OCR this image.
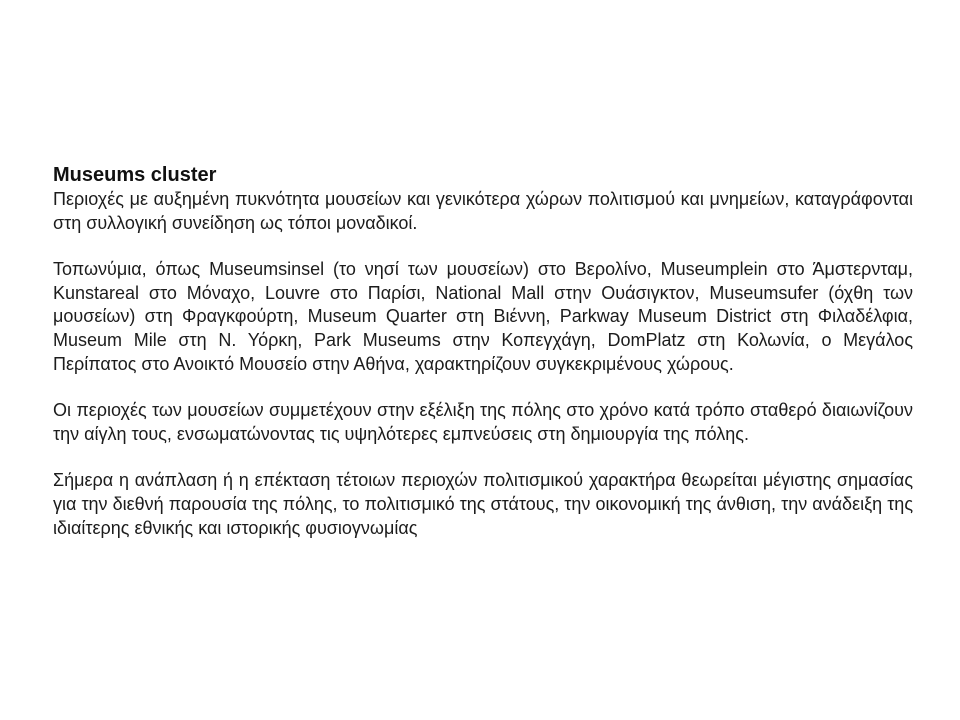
Museums cluster

Περιοχές με αυξημένη πυκνότητα μουσείων και γενικότερα χώρων πολιτισμού και μνημείων, καταγράφονται στη συλλογική συνείδηση ως τόποι μοναδικοί.

Τοπωνύμια, όπως Museumsinsel (το νησί των μουσείων) στο Βερολίνο, Museumplein στο Άμστερνταμ, Kunstareal στο Μόναχο, Louvre στο Παρίσι, National Mall στην Ουάσιγκτον, Museumsufer (όχθη των μουσείων) στη Φραγκφούρτη, Museum Quarter στη Βιέννη, Parkway Museum District στη Φιλαδέλφια, Museum Mile στη Ν. Υόρκη, Park Museums στην Κοπεγχάγη, DomPlatz στη Κολωνία, ο Μεγάλος Περίπατος στο Ανοικτό Μουσείο στην Αθήνα, χαρακτηρίζουν συγκεκριμένους χώρους.

Οι περιοχές των μουσείων συμμετέχουν στην εξέλιξη της πόλης στο χρόνο κατά τρόπο σταθερό διαιωνίζουν την αίγλη τους, ενσωματώνοντας τις υψηλότερες εμπνεύσεις στη δημιουργία της πόλης.

Σήμερα η ανάπλαση ή η επέκταση τέτοιων περιοχών πολιτισμικού χαρακτήρα θεωρείται μέγιστης σημασίας για την διεθνή παρουσία της πόλης, το πολιτισμικό της στάτους, την οικονομική της άνθιση, την ανάδειξη της ιδιαίτερης εθνικής και ιστορικής φυσιογνωμίας
